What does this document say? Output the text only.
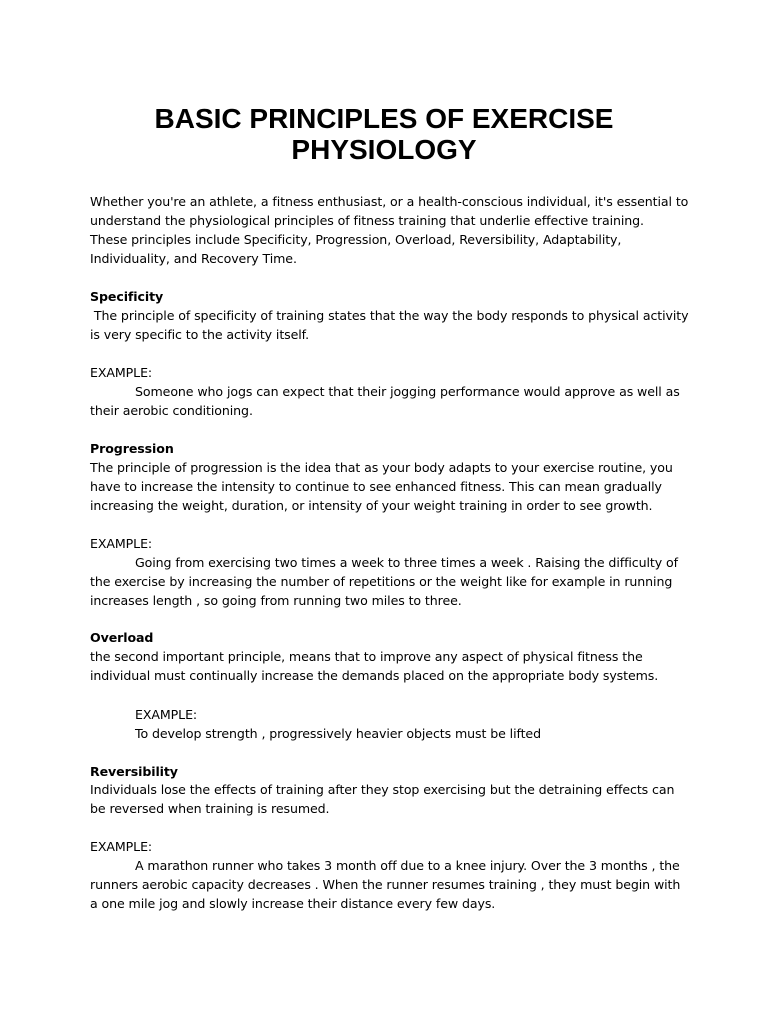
BASIC PRINCIPLES OF EXERCISE
PHYSIOLOGY
Whether you're an athlete, a fitness enthusiast, or a health-conscious individual, it's essential to
understand the physiological principles of fitness training that underlie effective training.
These principles include Specificity, Progression, Overload, Reversibility, Adaptability,
Individuality, and Recovery Time.
Specificity
The principle of specificity of training states that the way the body responds to physical activity
is very specific to the activity itself.
EXAMPLE:
Someone who jogs can expect that their jogging performance would approve as well as
their aerobic conditioning.
Progression
The principle of progression is the idea that as your body adapts to your exercise routine, you
have to increase the intensity to continue to see enhanced fitness. This can mean gradually
increasing the weight, duration, or intensity of your weight training in order to see growth.
EXAMPLE:
Going from exercising two times a week to three times a week . Raising the difficulty of
the exercise by increasing the number of repetitions or the weight like for example in running
increases length , so going from running two miles to three.
Overload
the second important principle, means that to improve any aspect of physical fitness the
individual must continually increase the demands placed on the appropriate body systems.
EXAMPLE:
To develop strength , progressively heavier objects must be lifted
Reversibility
Individuals lose the effects of training after they stop exercising but the detraining effects can
be reversed when training is resumed.
EXAMPLE:
A marathon runner who takes 3 month off due to a knee injury. Over the 3 months , the
runners aerobic capacity decreases . When the runner resumes training , they must begin with
a one mile jog and slowly increase their distance every few days.
